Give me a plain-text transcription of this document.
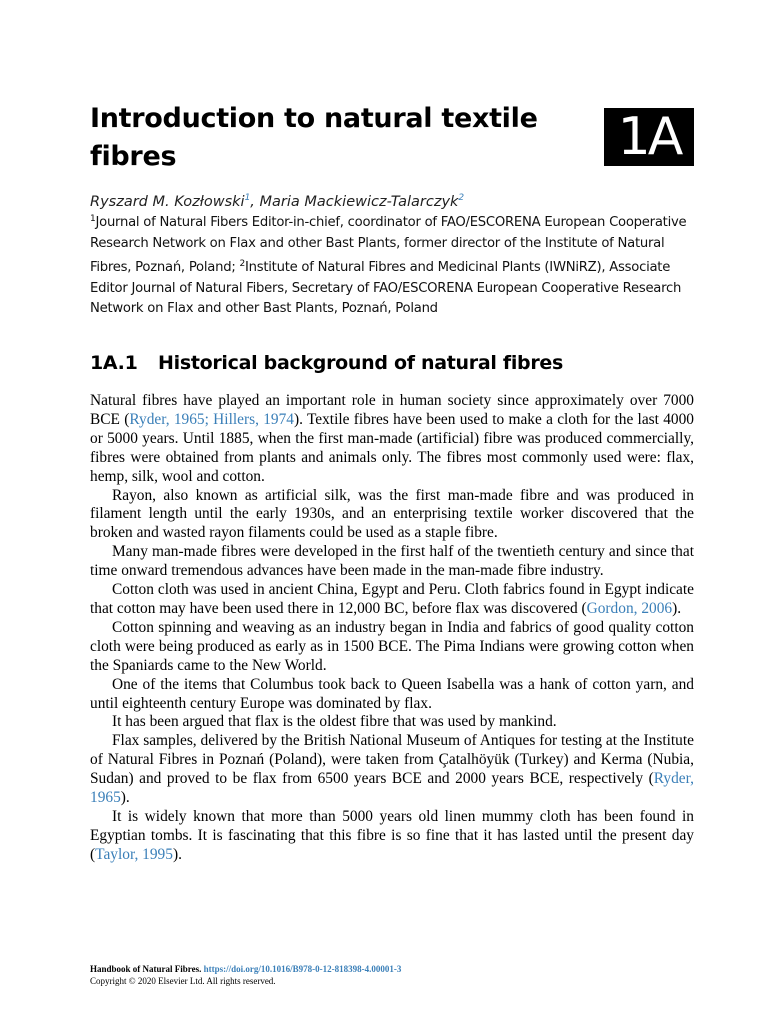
Introduction to natural textile fibres	1A
Ryszard M. Kozłowski$^1$, Maria Mackiewicz-Talarczyk$^2$
$^1$Journal of Natural Fibers Editor-in-chief, coordinator of FAO/ESCORENA European Cooperative Research Network on Flax and other Bast Plants, former director of the Institute of Natural Fibres, Poznań, Poland; $^2$Institute of Natural Fibres and Medicinal Plants (IWNiRZ), Associate Editor Journal of Natural Fibers, Secretary of FAO/ESCORENA European Cooperative Research Network on Flax and other Bast Plants, Poznań, Poland
1A.1 Historical background of natural fibres

Natural fibres have played an important role in human society since approximately over 7000 BCE (Ryder, 1965; Hillers, 1974). Textile fibres have been used to make a cloth for the last 4000 or 5000 years. Until 1885, when the first man-made (artificial) fibre was produced commercially, fibres were obtained from plants and animals only. The fibres most commonly used were: flax, hemp, silk, wool and cotton.

Rayon, also known as artificial silk, was the first man-made fibre and was produced in filament length until the early 1930s, and an enterprising textile worker discovered that the broken and wasted rayon filaments could be used as a staple fibre.

Many man-made fibres were developed in the first half of the twentieth century and since that time onward tremendous advances have been made in the man-made fibre industry.

Cotton cloth was used in ancient China, Egypt and Peru. Cloth fabrics found in Egypt indicate that cotton may have been used there in 12,000 BC, before flax was discovered (Gordon, 2006).

Cotton spinning and weaving as an industry began in India and fabrics of good quality cotton cloth were being produced as early as in 1500 BCE. The Pima Indians were growing cotton when the Spaniards came to the New World.

One of the items that Columbus took back to Queen Isabella was a hank of cotton yarn, and until eighteenth century Europe was dominated by flax.

It has been argued that flax is the oldest fibre that was used by mankind.

Flax samples, delivered by the British National Museum of Antiques for testing at the Institute of Natural Fibres in Poznań (Poland), were taken from Çatalhöyük (Turkey) and Kerma (Nubia, Sudan) and proved to be flax from 6500 years BCE and 2000 years BCE, respectively (Ryder, 1965).

It is widely known that more than 5000 years old linen mummy cloth has been found in Egyptian tombs. It is fascinating that this fibre is so fine that it has lasted until the present day (Taylor, 1995).

Handbook of Natural Fibres. https://doi.org/10.1016/B978-0-12-818398-4.00001-3
Copyright © 2020 Elsevier Ltd. All rights reserved.
